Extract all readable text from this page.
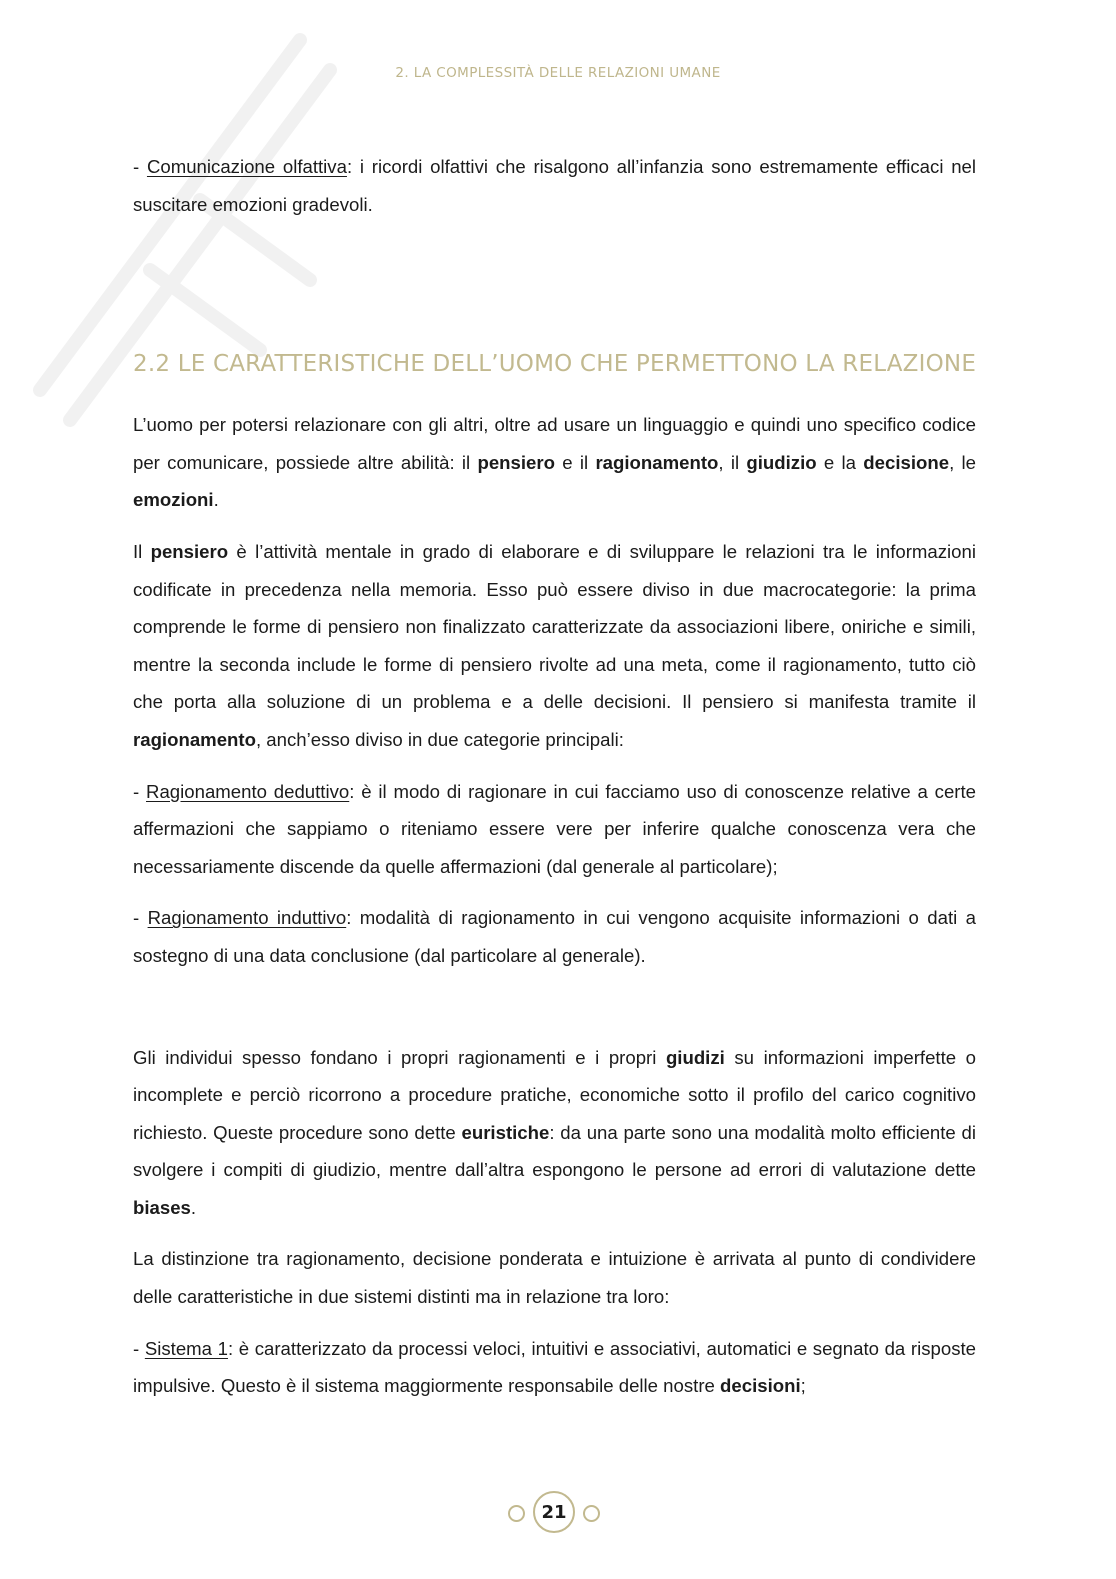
2. LA COMPLESSITÀ DELLE RELAZIONI UMANE

- Comunicazione olfattiva: i ricordi olfattivi che risalgono all’infanzia sono estremamente efficaci nel suscitare emozioni gradevoli.

2.2 LE CARATTERISTICHE DELL’UOMO CHE PERMETTONO LA RELAZIONE

L’uomo per potersi relazionare con gli altri, oltre ad usare un linguaggio e quindi uno specifico codice per comunicare, possiede altre abilità: il pensiero e il ragionamento, il giudizio e la decisione, le emozioni.

Il pensiero è l’attività mentale in grado di elaborare e di sviluppare le relazioni tra le informazioni codificate in precedenza nella memoria. Esso può essere diviso in due macrocategorie: la prima comprende le forme di pensiero non finalizzato caratterizzate da associazioni libere, oniriche e simili, mentre la seconda include le forme di pensiero rivolte ad una meta, come il ragionamento, tutto ciò che porta alla soluzione di un problema e a delle decisioni. Il pensiero si manifesta tramite il ragionamento, anch’esso diviso in due categorie principali:

- Ragionamento deduttivo: è il modo di ragionare in cui facciamo uso di conoscenze relative a certe affermazioni che sappiamo o riteniamo essere vere per inferire qualche conoscenza vera che necessariamente discende da quelle affermazioni (dal generale al particolare);

- Ragionamento induttivo: modalità di ragionamento in cui vengono acquisite informazioni o dati a sostegno di una data conclusione (dal particolare al generale).

Gli individui spesso fondano i propri ragionamenti e i propri giudizi su informazioni imperfette o incomplete e perciò ricorrono a procedure pratiche, economiche sotto il profilo del carico cognitivo richiesto. Queste procedure sono dette euristiche: da una parte sono una modalità molto efficiente di svolgere i compiti di giudizio, mentre dall’altra espongono le persone ad errori di valutazione dette biases.

La distinzione tra ragionamento, decisione ponderata e intuizione è arrivata al punto di condividere delle caratteristiche in due sistemi distinti ma in relazione tra loro:

- Sistema 1: è caratterizzato da processi veloci, intuitivi e associativi, automatici e segnato da risposte impulsive. Questo è il sistema maggiormente responsabile delle nostre decisioni;

21
